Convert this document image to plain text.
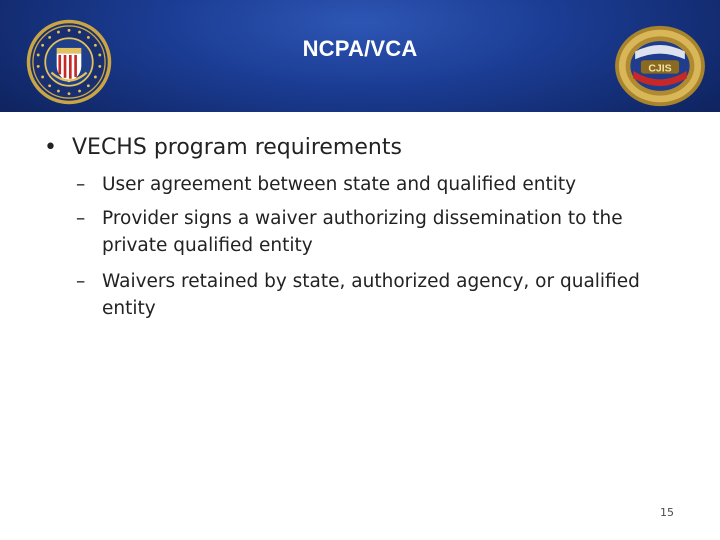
NCPA/VCA
CJIS
• VECHS program requirements
– User agreement between state and qualified entity
– Provider signs a waiver authorizing dissemination to the private qualified entity
– Waivers retained by state, authorized agency, or qualified entity
15
